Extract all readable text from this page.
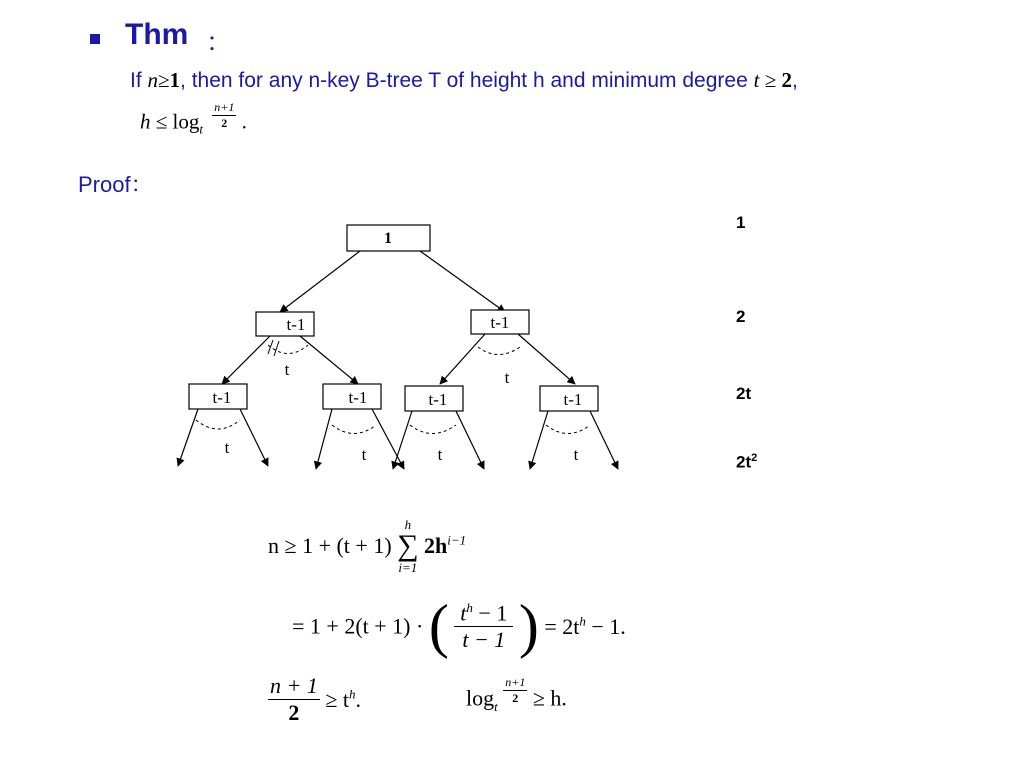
Thm ：
If n≥1, then for any n-key B-tree T of height h and minimum degree t ≥ 2,
$h \le \log_t \frac{n+1}{2}$ .
Proof：
1
t-1	t-1
t	t
t-1	t-1	t-1	t-1
t	t	t	t
1
2
2t
$2t^2$
n ≥ 1 + (t + 1)
h
∑
i=1
$2h^{i-1}$
= 1 + 2(t + 1) · ( $\frac{t^h - 1}{t - 1}$ ) = $2t^h - 1$.
$\frac{n + 1}{2} \ge t^h$.	$\log_t$
$\frac{n+1}{2} \ge h$.
